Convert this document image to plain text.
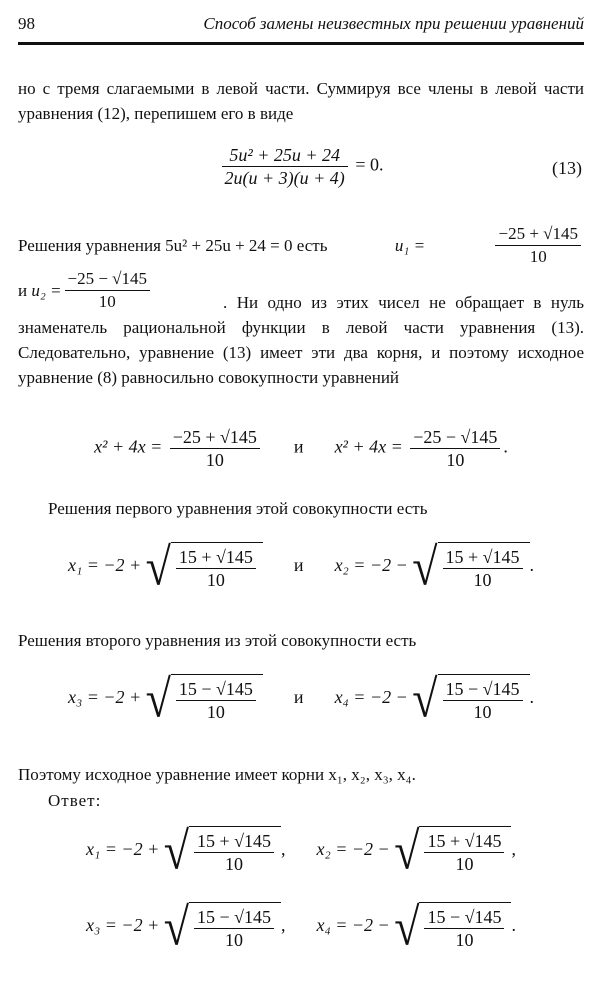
98	Способ замены неизвестных при решении уравнений

но с тремя слагаемыми в левой части. Суммируя все члены в левой части уравнения (12), перепишем его в виде

$\frac{\text{5u² + 25u + 24}}{2u(u + 3)(u + 4)} = 0$.	(13)
Решения уравнения 5u² + 25u + 24 = 0 есть	u₁ =	$\frac{-25 + √145}{10}$
и
$u_2 = \frac{-25 - √145}{10}$	. Ни одно из этих чисел не обращает в нуль знаменатель рациональной функции в левой части уравнения (13). Следовательно, уравнение (13) имеет эти два корня, и поэтому исходное уравнение (8) равносильно совокупности уравнений

$x^2 + 4x = \frac{-25 + √145}{10}$ и $x^2 + 4x = \frac{-25 - √145}{10}$ .

Решения первого уравнения этой совокупности есть

x₁ = −2 + √ $\frac{15 + √145}{10}$ и x₂ = −2 − √ $\frac{15 + √145}{10}$ .

Решения второго уравнения из этой совокупности есть

x₃ = −2 + √ $\frac{15 - √145}{10}$ и x₄ = −2 − √ $\frac{15 - √145}{10}$ .

Поэтому исходное уравнение имеет корни x₁, x₂, x₃, x₄.

Ответ:

x₁ = −2 + √ $\frac{15 + √145}{10}$ ,  x₂ = −2 − √ $\frac{15 + √145}{10}$ ,
x₃ = −2 + √ $\frac{15 - √145}{10}$ ,  x₄ = −2 − √ $\frac{15 - √145}{10}$ .
